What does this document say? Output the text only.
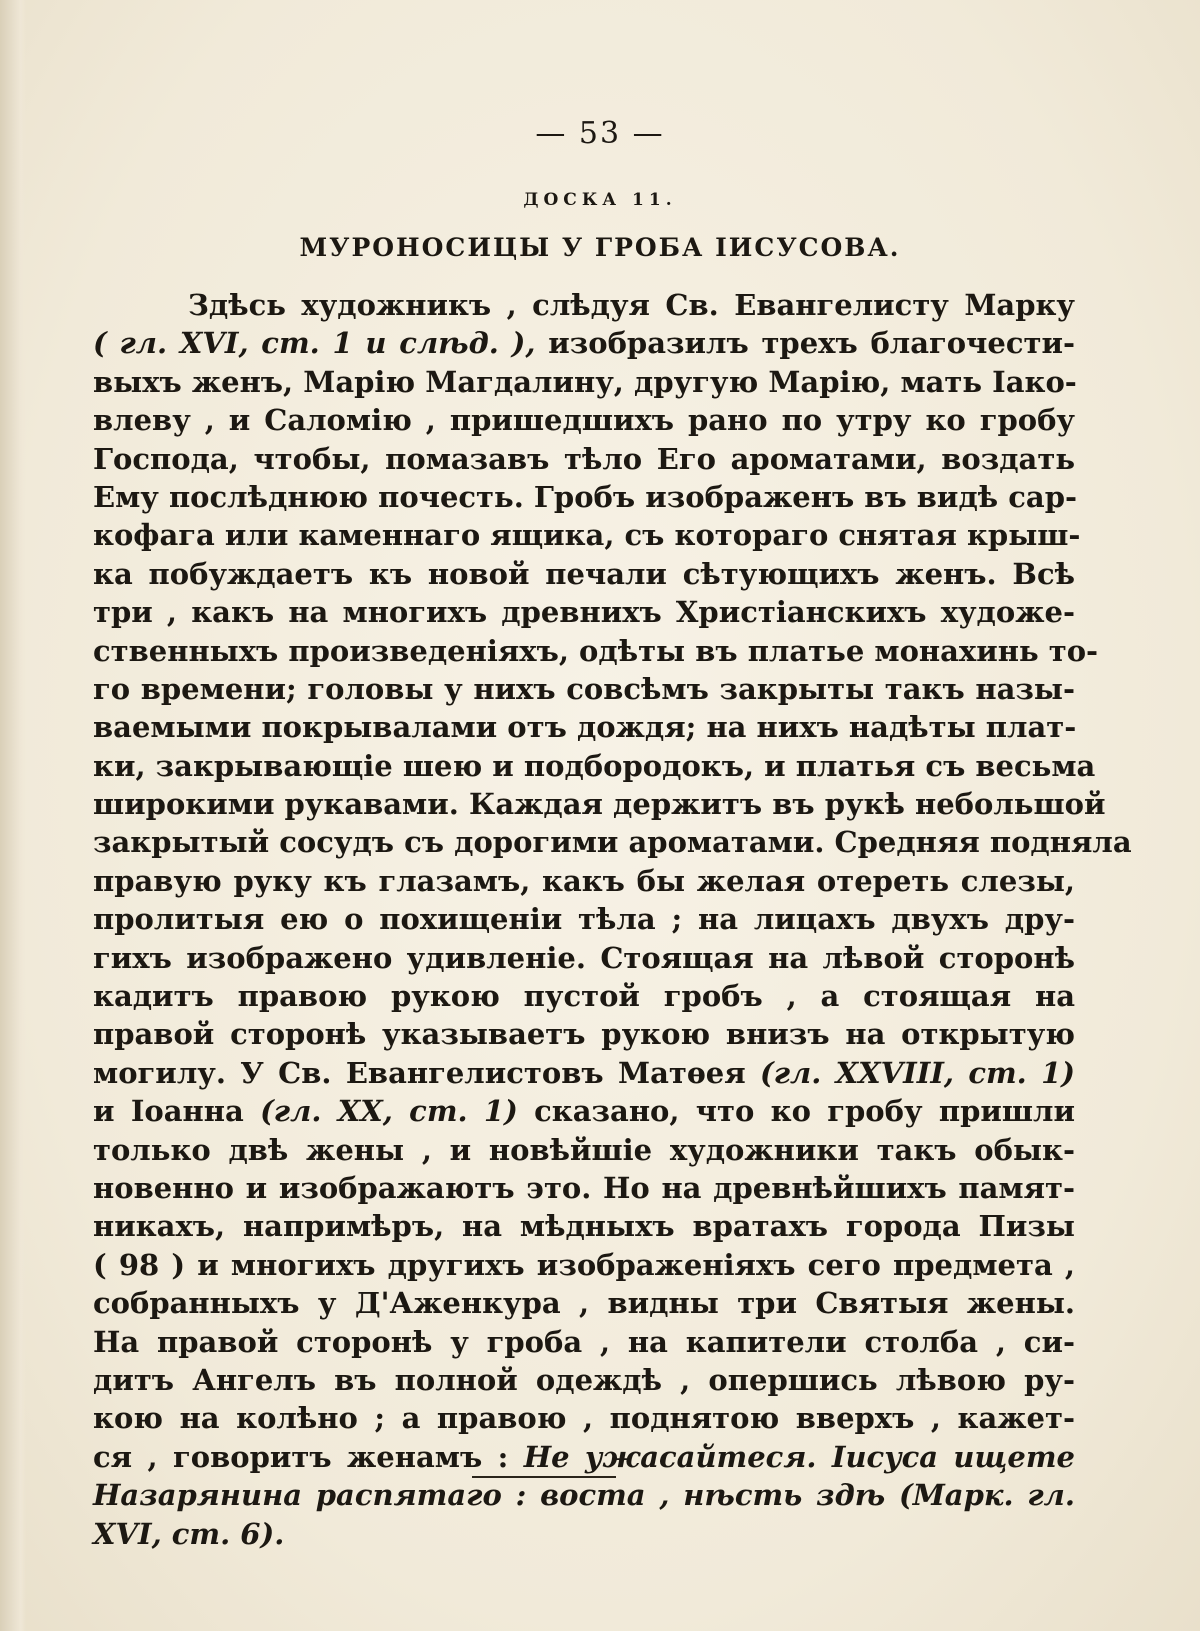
— 53 —
ДОСКА 11.
МУРОНОСИЦЫ У ГРОБА ІИСУСОВА.
Здѣсь художникъ , слѣдуя Св. Евангелисту Марку
( гл. XVI, ст. 1 и слѣд. ), изобразилъ трехъ благочести-
выхъ женъ, Марію Магдалину, другую Марію, мать Іако-
влеву , и Саломію , пришедшихъ рано по утру ко гробу
Господа, чтобы, помазавъ тѣло Его ароматами, воздать
Ему послѣднюю почесть. Гробъ изображенъ въ видѣ сар-
кофага или каменнаго ящика, съ котораго снятая крыш-
ка побуждаетъ къ новой печали сѣтующихъ женъ. Всѣ
три , какъ на многихъ древнихъ Христіанскихъ художе-
ственныхъ произведеніяхъ, одѣты въ платье монахинь то-
го времени; головы у нихъ совсѣмъ закрыты такъ назы-
ваемыми покрывалами отъ дождя; на нихъ надѣты плат-
ки, закрывающіе шею и подбородокъ, и платья съ весьма
широкими рукавами. Каждая держитъ въ рукѣ небольшой
закрытый сосудъ съ дорогими ароматами. Средняя подняла
правую руку къ глазамъ, какъ бы желая отереть слезы,
пролитыя ею о похищеніи тѣла ; на лицахъ двухъ дру-
гихъ изображено удивленіе. Стоящая на лѣвой сторонѣ
кадитъ правою рукою пустой гробъ , а стоящая на
правой сторонѣ указываетъ рукою внизъ на открытую
могилу. У Св. Евангелистовъ Матѳея (гл. XXVIII, ст. 1)
и Іоанна (гл. XX, ст. 1) сказано, что ко гробу пришли
только двѣ жены , и новѣйшіе художники такъ обык-
новенно и изображаютъ это. Но на древнѣйшихъ памят-
никахъ, напримѣръ, на мѣдныхъ вратахъ города Пизы
( 98 ) и многихъ другихъ изображеніяхъ сего предмета ,
собранныхъ у Д'Аженкура , видны три Святыя жены.
На правой сторонѣ у гроба , на капители столба , си-
дитъ Ангелъ въ полной одеждѣ , опершись лѣвою ру-
кою на колѣно ; а правою , поднятою вверхъ , кажет-
ся , говоритъ женамъ : Не ужасайтеся. Іисуса ищете
Назарянина распятаго : воста , нѣсть здѣ (Марк. гл.
XVI, ст. 6).
